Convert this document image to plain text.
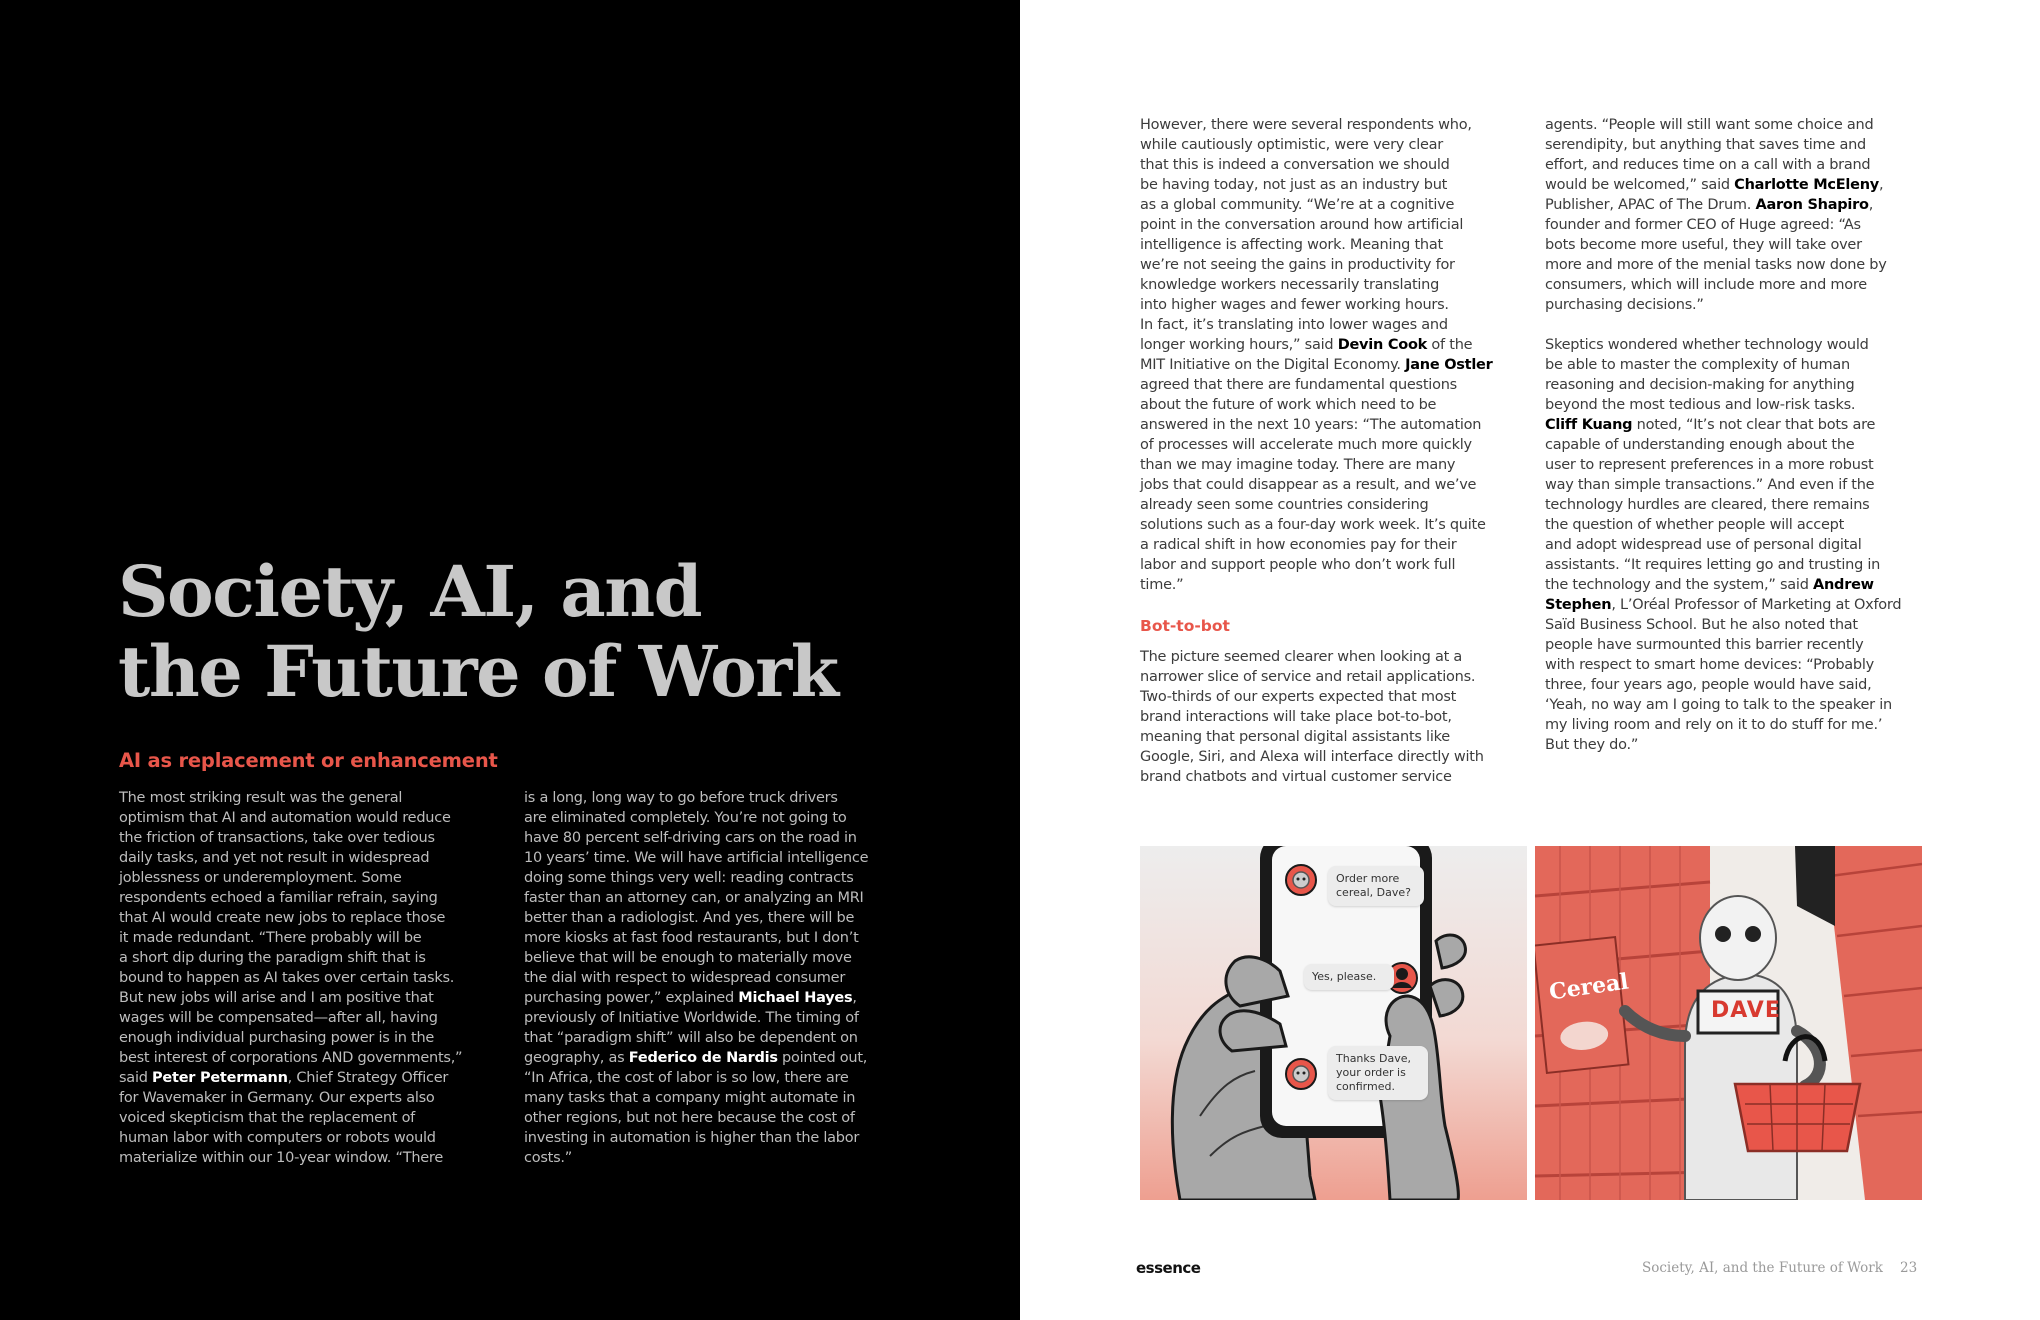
Society, AI, and
the Future of Work
AI as replacement or enhancement
The most striking result was the general
optimism that AI and automation would reduce
the friction of transactions, take over tedious
daily tasks, and yet not result in widespread
joblessness or underemployment. Some
respondents echoed a familiar refrain, saying
that AI would create new jobs to replace those
it made redundant. “There probably will be
a short dip during the paradigm shift that is
bound to happen as AI takes over certain tasks.
But new jobs will arise and I am positive that
wages will be compensated—after all, having
enough individual purchasing power is in the
best interest of corporations AND governments,”
said Peter Petermann, Chief Strategy Officer
for Wavemaker in Germany. Our experts also
voiced skepticism that the replacement of
human labor with computers or robots would
materialize within our 10-year window. “There
is a long, long way to go before truck drivers
are eliminated completely. You’re not going to
have 80 percent self-driving cars on the road in
10 years’ time. We will have artificial intelligence
doing some things very well: reading contracts
faster than an attorney can, or analyzing an MRI
better than a radiologist. And yes, there will be
more kiosks at fast food restaurants, but I don’t
believe that will be enough to materially move
the dial with respect to widespread consumer
purchasing power,” explained Michael Hayes,
previously of Initiative Worldwide. The timing of
that “paradigm shift” will also be dependent on
geography, as Federico de Nardis pointed out,
“In Africa, the cost of labor is so low, there are
many tasks that a company might automate in
other regions, but not here because the cost of
investing in automation is higher than the labor
costs.”
However, there were several respondents who,
while cautiously optimistic, were very clear
that this is indeed a conversation we should
be having today, not just as an industry but
as a global community. “We’re at a cognitive
point in the conversation around how artificial
intelligence is affecting work. Meaning that
we’re not seeing the gains in productivity for
knowledge workers necessarily translating
into higher wages and fewer working hours.
In fact, it’s translating into lower wages and
longer working hours,” said Devin Cook of the
MIT Initiative on the Digital Economy. Jane Ostler
agreed that there are fundamental questions
about the future of work which need to be
answered in the next 10 years: “The automation
of processes will accelerate much more quickly
than we may imagine today. There are many
jobs that could disappear as a result, and we’ve
already seen some countries considering
solutions such as a four-day work week. It’s quite
a radical shift in how economies pay for their
labor and support people who don’t work full
time.”
Bot-to-bot
The picture seemed clearer when looking at a
narrower slice of service and retail applications.
Two-thirds of our experts expected that most
brand interactions will take place bot-to-bot,
meaning that personal digital assistants like
Google, Siri, and Alexa will interface directly with
brand chatbots and virtual customer service
agents. “People will still want some choice and
serendipity, but anything that saves time and
effort, and reduces time on a call with a brand
would be welcomed,” said Charlotte McEleny,
Publisher, APAC of The Drum. Aaron Shapiro,
founder and former CEO of Huge agreed: “As
bots become more useful, they will take over
more and more of the menial tasks now done by
consumers, which will include more and more
purchasing decisions.”
Skeptics wondered whether technology would
be able to master the complexity of human
reasoning and decision-making for anything
beyond the most tedious and low-risk tasks.
Cliff Kuang noted, “It’s not clear that bots are
capable of understanding enough about the
user to represent preferences in a more robust
way than simple transactions.” And even if the
technology hurdles are cleared, there remains
the question of whether people will accept
and adopt widespread use of personal digital
assistants. “It requires letting go and trusting in
the technology and the system,” said Andrew
Stephen, L’Oréal Professor of Marketing at Oxford
Saïd Business School. But he also noted that
people have surmounted this barrier recently
with respect to smart home devices: “Probably
three, four years ago, people would have said,
‘Yeah, no way am I going to talk to the speaker in
my living room and rely on it to do stuff for me.’
But they do.”
Order more
cereal, Dave?
Yes, please.
Thanks Dave,
your order is
confirmed.
Cereal
DAVE
essence	Society, AI, and the Future of Work 23
